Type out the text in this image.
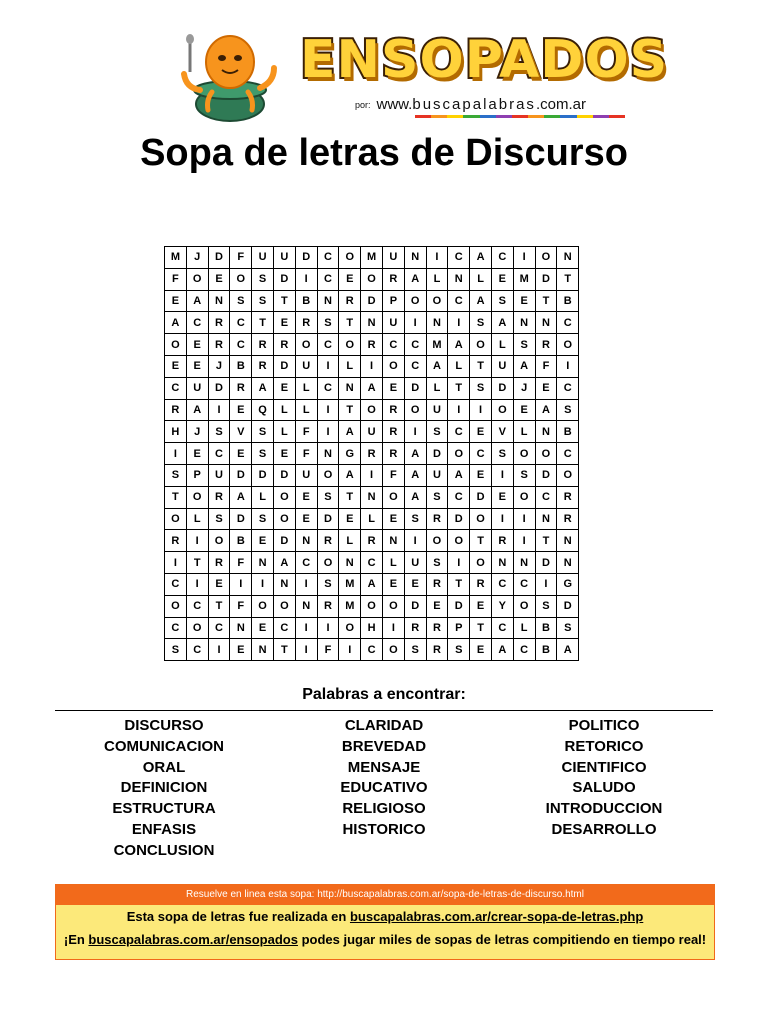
ENSOPADOS
por: www.buscapalabras.com.ar
Sopa de letras de Discurso
M	J	D	F	U	U	D	C	O	M	U	N	I	C	A	C	I	O	N
F	O	E	O	S	D	I	C	E	O	R	A	L	N	L	E	M	D	T
E	A	N	S	S	T	B	N	R	D	P	O	O	C	A	S	E	T	B
A	C	R	C	T	E	R	S	T	N	U	I	N	I	S	A	N	N	C
O	E	R	C	R	R	O	C	O	R	C	C	M	A	O	L	S	R	O
E	E	J	B	R	D	U	I	L	I	O	C	A	L	T	U	A	F	I
C	U	D	R	A	E	L	C	N	A	E	D	L	T	S	D	J	E	C
R	A	I	E	Q	L	L	I	T	O	R	O	U	I	I	O	E	A	S
H	J	S	V	S	L	F	I	A	U	R	I	S	C	E	V	L	N	B
I	E	C	E	S	E	F	N	G	R	R	A	D	O	C	S	O	O	C
S	P	U	D	D	D	U	O	A	I	F	A	U	A	E	I	S	D	O
T	O	R	A	L	O	E	S	T	N	O	A	S	C	D	E	O	C	R
O	L	S	D	S	O	E	D	E	L	E	S	R	D	O	I	I	N	R
R	I	O	B	E	D	N	R	L	R	N	I	O	O	T	R	I	T	N
I	T	R	F	N	A	C	O	N	C	L	U	S	I	O	N	N	D	N
C	I	E	I	I	N	I	S	M	A	E	E	R	T	R	C	C	I	G
O	C	T	F	O	O	N	R	M	O	O	D	E	D	E	Y	O	S	D
C	O	C	N	E	C	I	I	O	H	I	R	R	P	T	C	L	B	S
S	C	I	E	N	T	I	F	I	C	O	S	R	S	E	A	C	B	A
Palabras a encontrar:
DISCURSO
COMUNICACION
ORAL
DEFINICION
ESTRUCTURA
ENFASIS
CONCLUSION
CLARIDAD
BREVEDAD
MENSAJE
EDUCATIVO
RELIGIOSO
HISTORICO
POLITICO
RETORICO
CIENTIFICO
SALUDO
INTRODUCCION
DESARROLLO
Resuelve en linea esta sopa: http://buscapalabras.com.ar/sopa-de-letras-de-discurso.html
Esta sopa de letras fue realizada en buscapalabras.com.ar/crear-sopa-de-letras.php
¡En buscapalabras.com.ar/ensopados podes jugar miles de sopas de letras compitiendo en tiempo real!
